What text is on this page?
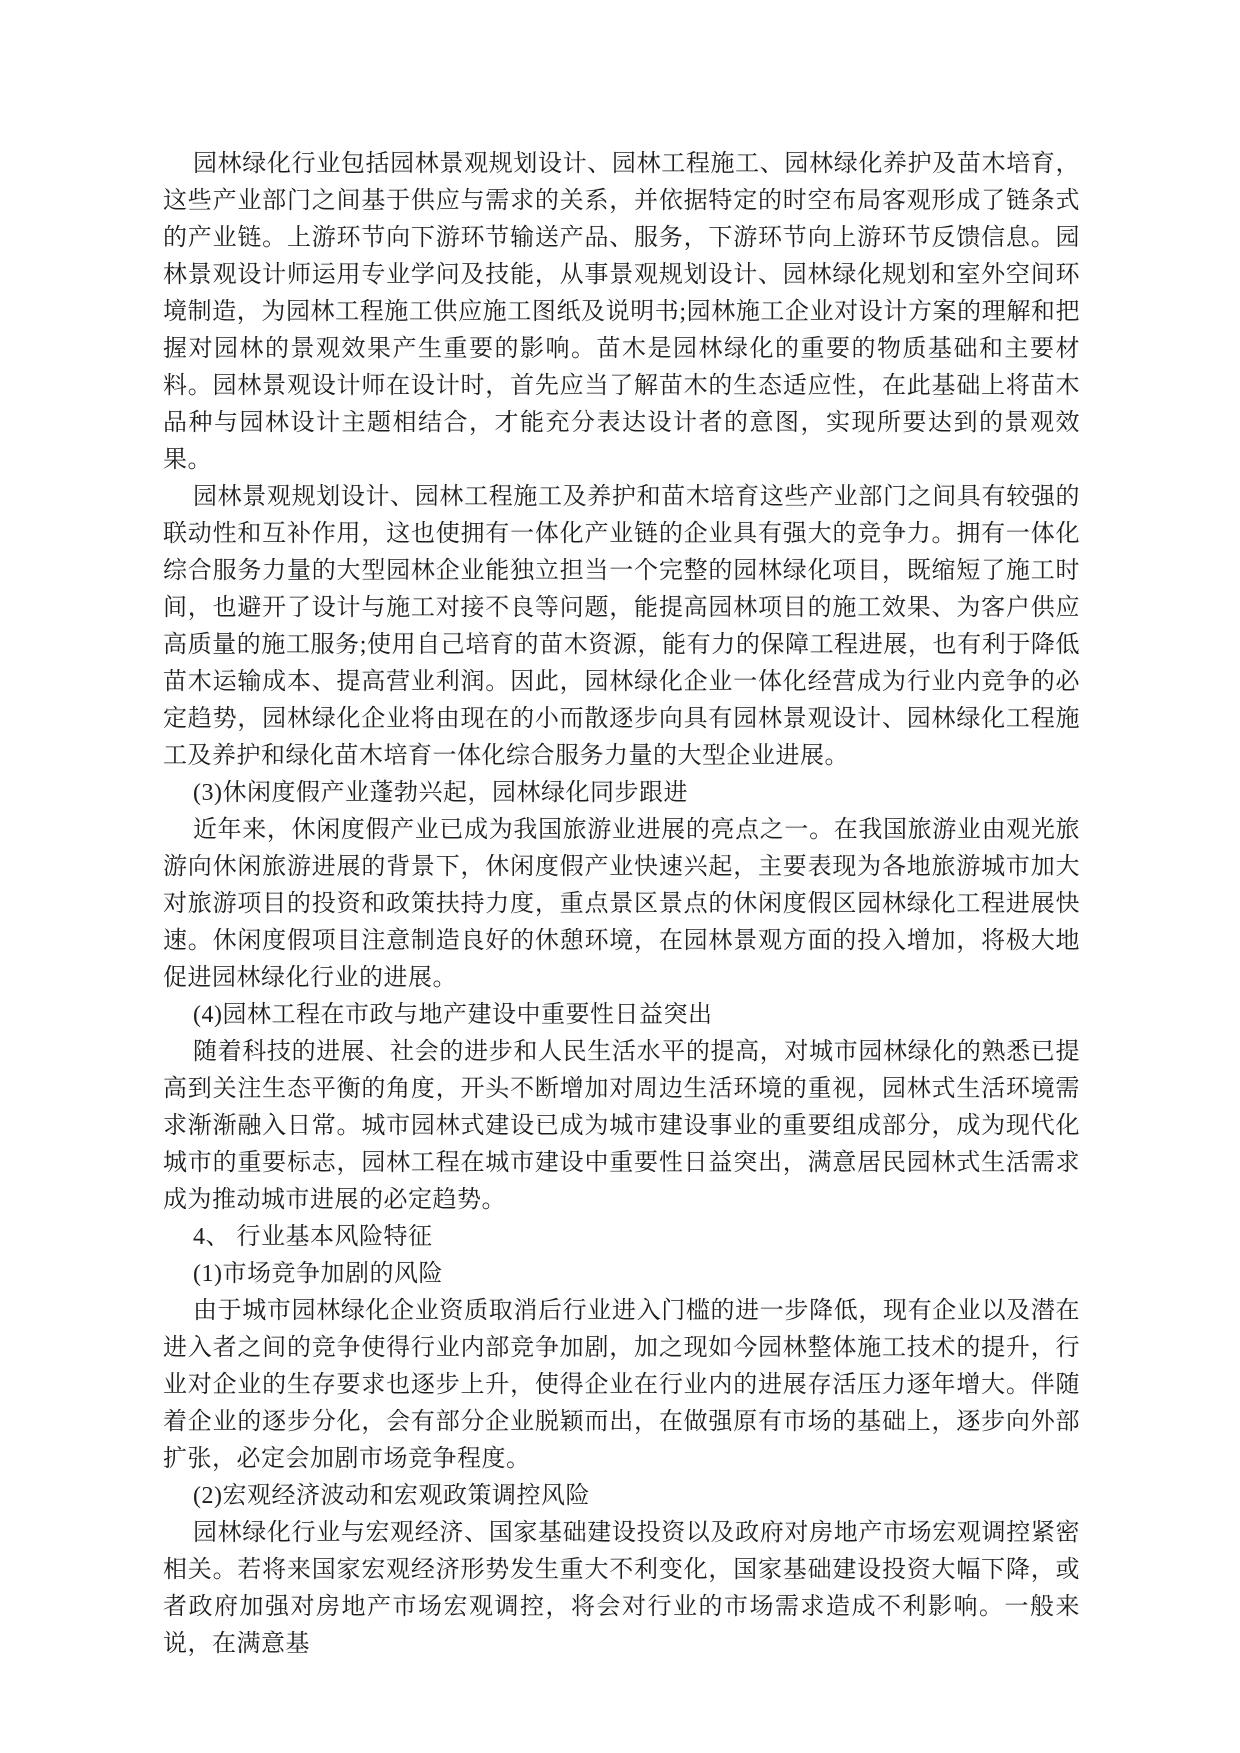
园林绿化行业包括园林景观规划设计、园林工程施工、园林绿化养护及苗木培育，这些产业部门之间基于供应与需求的关系，并依据特定的时空布局客观形成了链条式的产业链。上游环节向下游环节输送产品、服务，下游环节向上游环节反馈信息。园林景观设计师运用专业学问及技能，从事景观规划设计、园林绿化规划和室外空间环境制造，为园林工程施工供应施工图纸及说明书;园林施工企业对设计方案的理解和把握对园林的景观效果产生重要的影响。苗木是园林绿化的重要的物质基础和主要材料。园林景观设计师在设计时，首先应当了解苗木的生态适应性，在此基础上将苗木品种与园林设计主题相结合，才能充分表达设计者的意图，实现所要达到的景观效果。

园林景观规划设计、园林工程施工及养护和苗木培育这些产业部门之间具有较强的联动性和互补作用，这也使拥有一体化产业链的企业具有强大的竞争力。拥有一体化综合服务力量的大型园林企业能独立担当一个完整的园林绿化项目，既缩短了施工时间，也避开了设计与施工对接不良等问题，能提高园林项目的施工效果、为客户供应高质量的施工服务;使用自己培育的苗木资源，能有力的保障工程进展，也有利于降低苗木运输成本、提高营业利润。因此，园林绿化企业一体化经营成为行业内竞争的必定趋势，园林绿化企业将由现在的小而散逐步向具有园林景观设计、园林绿化工程施工及养护和绿化苗木培育一体化综合服务力量的大型企业进展。

(3)休闲度假产业蓬勃兴起，园林绿化同步跟进

近年来，休闲度假产业已成为我国旅游业进展的亮点之一。在我国旅游业由观光旅游向休闲旅游进展的背景下，休闲度假产业快速兴起，主要表现为各地旅游城市加大对旅游项目的投资和政策扶持力度，重点景区景点的休闲度假区园林绿化工程进展快速。休闲度假项目注意制造良好的休憩环境，在园林景观方面的投入增加，将极大地促进园林绿化行业的进展。

(4)园林工程在市政与地产建设中重要性日益突出

随着科技的进展、社会的进步和人民生活水平的提高，对城市园林绿化的熟悉已提高到关注生态平衡的角度，开头不断增加对周边生活环境的重视，园林式生活环境需求渐渐融入日常。城市园林式建设已成为城市建设事业的重要组成部分，成为现代化城市的重要标志，园林工程在城市建设中重要性日益突出，满意居民园林式生活需求成为推动城市进展的必定趋势。

4、 行业基本风险特征

(1)市场竞争加剧的风险

由于城市园林绿化企业资质取消后行业进入门槛的进一步降低，现有企业以及潜在进入者之间的竞争使得行业内部竞争加剧，加之现如今园林整体施工技术的提升，行业对企业的生存要求也逐步上升，使得企业在行业内的进展存活压力逐年增大。伴随着企业的逐步分化，会有部分企业脱颖而出，在做强原有市场的基础上，逐步向外部扩张，必定会加剧市场竞争程度。

(2)宏观经济波动和宏观政策调控风险

园林绿化行业与宏观经济、国家基础建设投资以及政府对房地产市场宏观调控紧密相关。若将来国家宏观经济形势发生重大不利变化，国家基础建设投资大幅下降，或者政府加强对房地产市场宏观调控，将会对行业的市场需求造成不利影响。一般来说，在满意基
